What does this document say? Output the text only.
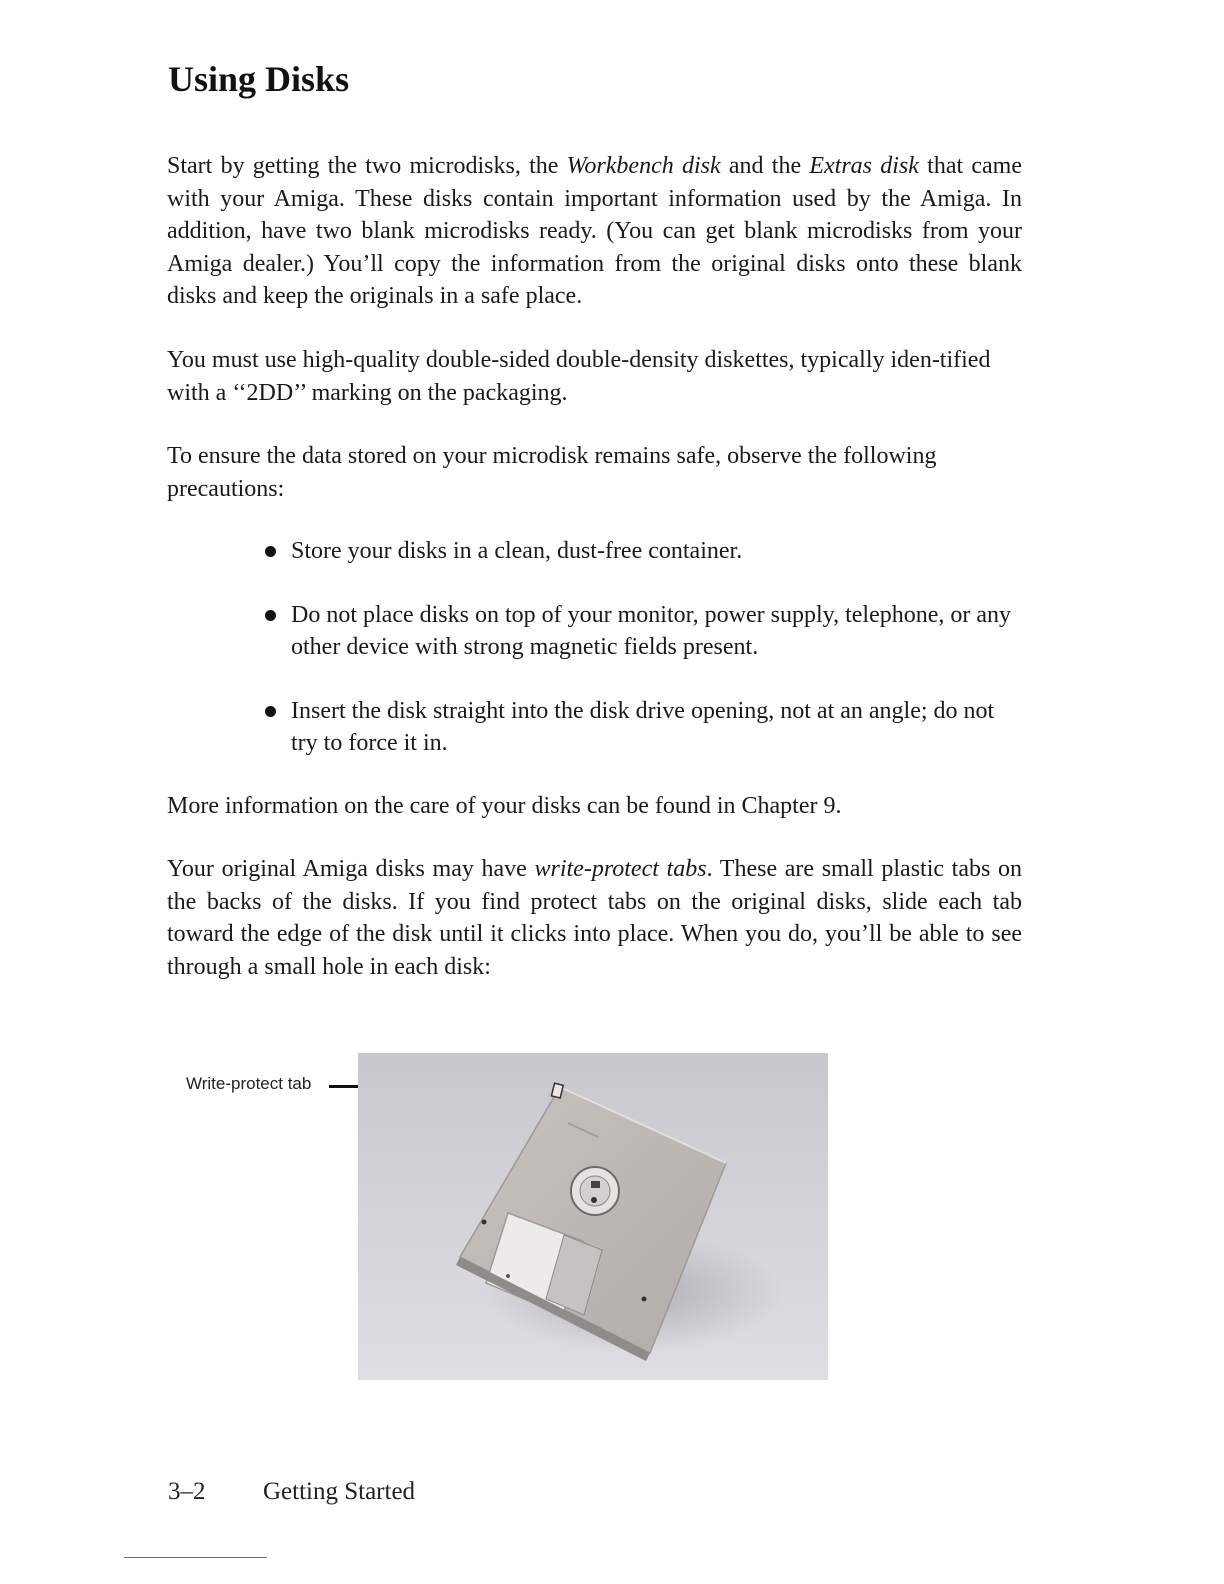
Using Disks

Start by getting the two microdisks, the Workbench disk and the Extras disk that came with your Amiga. These disks contain important information used by the Amiga. In addition, have two blank microdisks ready. (You can get blank microdisks from your Amiga dealer.) You’ll copy the information from the original disks onto these blank disks and keep the originals in a safe place.

You must use high-quality double-sided double-density diskettes, typically iden-tified with a ‘‘2DD’’ marking on the packaging.

To ensure the data stored on your microdisk remains safe, observe the following precautions:

Store your disks in a clean, dust-free container.
Do not place disks on top of your monitor, power supply, telephone, or any other device with strong magnetic fields present.
Insert the disk straight into the disk drive opening, not at an angle; do not try to force it in.

More information on the care of your disks can be found in Chapter 9.

Your original Amiga disks may have write-protect tabs. These are small plastic tabs on the backs of the disks. If you find protect tabs on the original disks, slide each tab toward the edge of the disk until it clicks into place. When you do, you’ll be able to see through a small hole in each disk:

Write-protect tab
3–2 Getting Started
